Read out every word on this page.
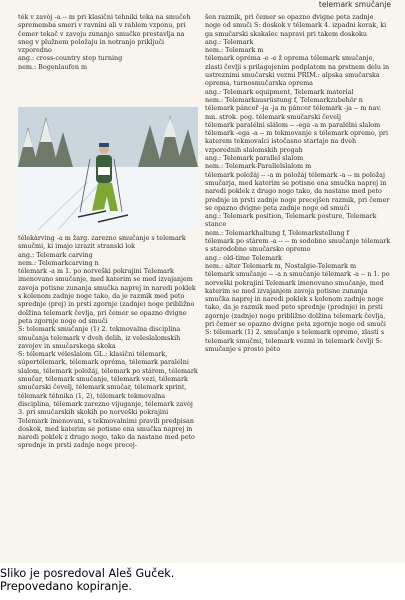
telemark smučanje

ték v zavòj -a -- m pri klasični tehniki teka na smučeh sprememba smeri v ravnini ali v rahlem vzponu, pri čemer tekač v zavoju zunanjo smučko prestavlja na sneg v plužnem položaju in notranjo priključi vzporedno

ang.: cross-country step turning

nem.: Bogenlaufen m

télekàrving -a m žarg. zarezno smučanje s telemark smučmi, ki imajo izrazit stranski lok

ang.: Telemark carving

nem.: Telemarkcarving n

télemark -a m 1. po norveški pokrajini Telemark imenovano smučanje, med katerim se med izvajanjem zavoja potisne zunanja smučka naprej in naredi poklek s kolenom zadnje noge tako, da je razmik med peto sprednje (prej) in prsti zgornje (zadnje) noge približno dolžina telemark čevlja, pri čemer se opazno dvigne peta zgornje noge od smuči

S: telemark smučanje (1) 2. tekmovalna disciplina smučanja telemark v dveh delih, iz veleslalomskih zavojev in smučarskega skoka

S: télemark véleslalom GL.: klasični télemark, súpertélemark, télemark opréma, télemark paralélni slalom, télemark položáj, télemark po stárem, télemark smučar, télemark smučanje, télemark vezi, télemark smučarski čevelj, télemark smučar, télemark sprint, télemark téhnika (1, 2), télemark tekmovalna disciplina, télemark zarezno vijuganje, télemark zavòj 3. pri smučarskih skokih po norveški pokrajini Telemark imenovani, s tekmovalnimi pravili predpisan doskok, med katerim se potisne ena smučka naprej in naredi poklek z drugo nogo, tako da nastane med peto sprednje in prsti zadnje noge precej-

šen razmik, pri čemer se opazno dvigne peta zadnje noge od smuči S: doskok v télemark 4. izpadni korak, ki ga smučarski skakalec napravi pri takem doskoku

ang.: Telemark

nem.: Telemark m

télemark opréma -e -e ž oprema télemark smučanje, zlasti čevlji s prilagojenim podplatom na prstnem delu in ustreznimi smučarski vezmi PRIM.: alpska smučarska oprema, turnosmučarska oprema

ang.: Telemark equipment, Telemark material

nem.: Telemarkausrüstung f, Telemarkzubehör n

télemark pánceř -ja -ja m páncer télemark -ja -- m nav. mn. strok. pog. télemark smučarski čevelj

télemark paralélni slálom -- -ega -a m paralélni slalom télemark -ega -a -- m tekmovanje s télemark opremo, pri katerem tekmovalci istočasno startajo na dveh vzporednih slalomskih progah

ang.: Telemark parallel slalom

nem.: Telemark-Parallelslalom m

télemark položáj -- -a m položáj télemark -a -- m položaj smučarja, med katerim se potisne ena smučka naprej in naredi poklek z drugo nogo tako, da nastane med peto prednje in prsti zadnje noge precejšen razmik, pri čemer se opazno dvigne peta zadnje noge od smuči

ang.: Telemark position, Telemark posture, Telemark stance

nem.: Telemarkhaltung f, Telemarkstellung f

télemark po stárem -a -- -- m sodobno smučanje télemark s starodobno smučarsko opremo

ang.: old-time Telemark

nem.: alter Telemark m, Nostalgie-Telemark m

télemark smučanje -- -a n smučanje télemark -a -- n 1. po norveški pokrajini Telemark imenovano smučanje, med katerim se med izvajanjem zavoja potisne zunanja smučka naprej in naredi poklek s kolenom zadnje noge tako, da je razmik med peto sprednje (prednje) in prsti zgornje (zadnje) noge približno dolžina telemark čevlja, pri čemer se opazno dvigne peta zgornje noge od smuči S: télemark (1) 2. smučanje s telemark opremo, zlasti s telemark smučmi, telemark vezmi in telemark čevlji S: smučanje s prosto péto

Sliko je posredoval Aleš Guček.
Prepovedano kopiranje.
